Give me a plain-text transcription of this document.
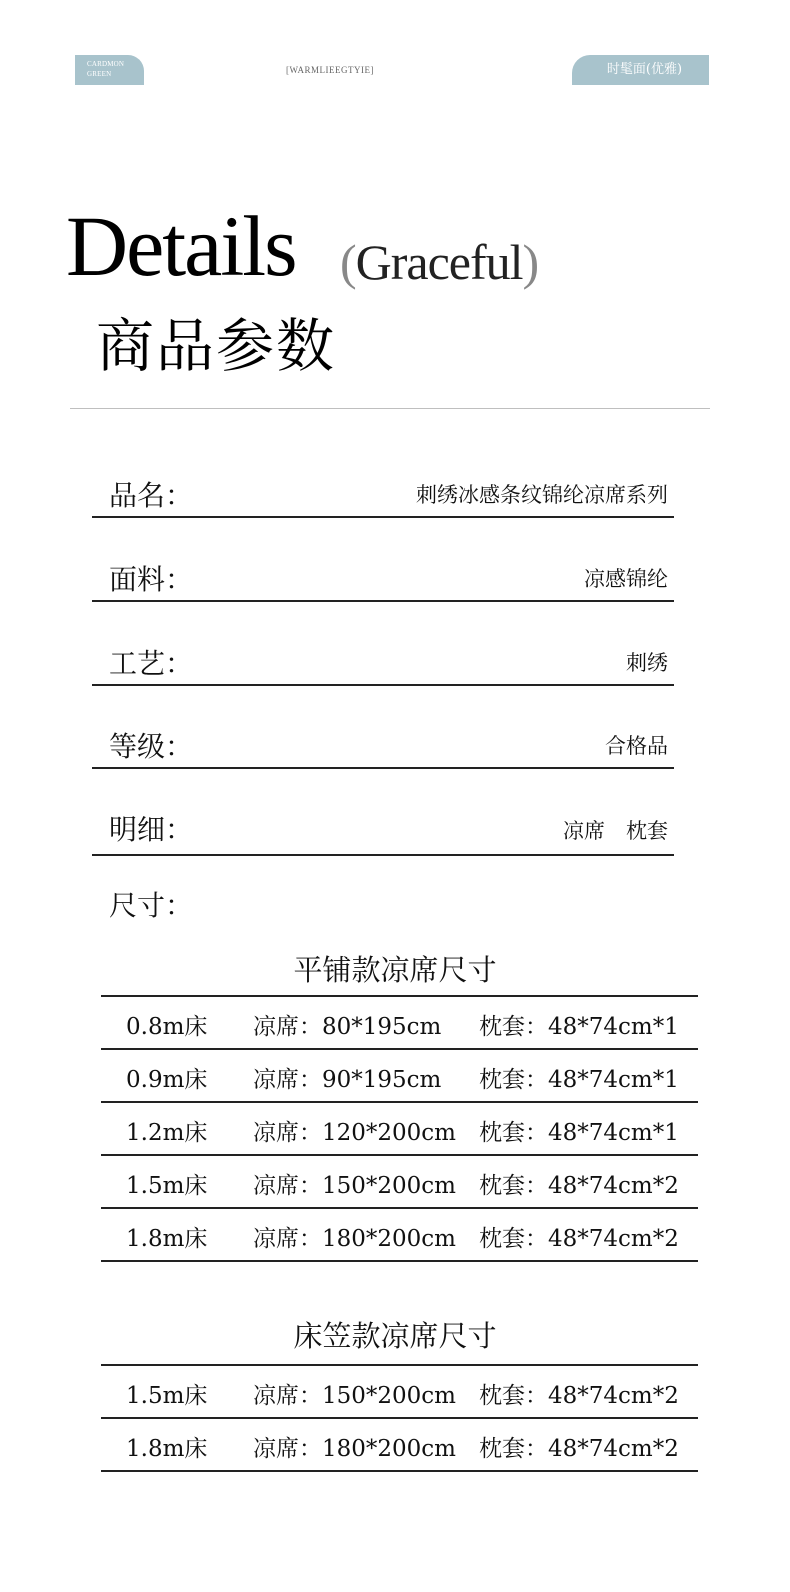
CARDMON
GREEN	[WARMLIEEGTYIE]	时髦面(优雅)
Details (Graceful)
商品参数
品名：	刺绣冰感条纹锦纶凉席系列
面料：	凉感锦纶
工艺：	刺绣
等级：	合格品
明细：	凉席　枕套
尺寸：
平铺款凉席尺寸
0.8m床 凉席：80*195cm 枕套：48*74cm*1
0.9m床 凉席：90*195cm 枕套：48*74cm*1
1.2m床 凉席：120*200cm 枕套：48*74cm*1
1.5m床 凉席：150*200cm 枕套：48*74cm*2
1.8m床 凉席：180*200cm 枕套：48*74cm*2
床笠款凉席尺寸
1.5m床 凉席：150*200cm 枕套：48*74cm*2
1.8m床 凉席：180*200cm 枕套：48*74cm*2
